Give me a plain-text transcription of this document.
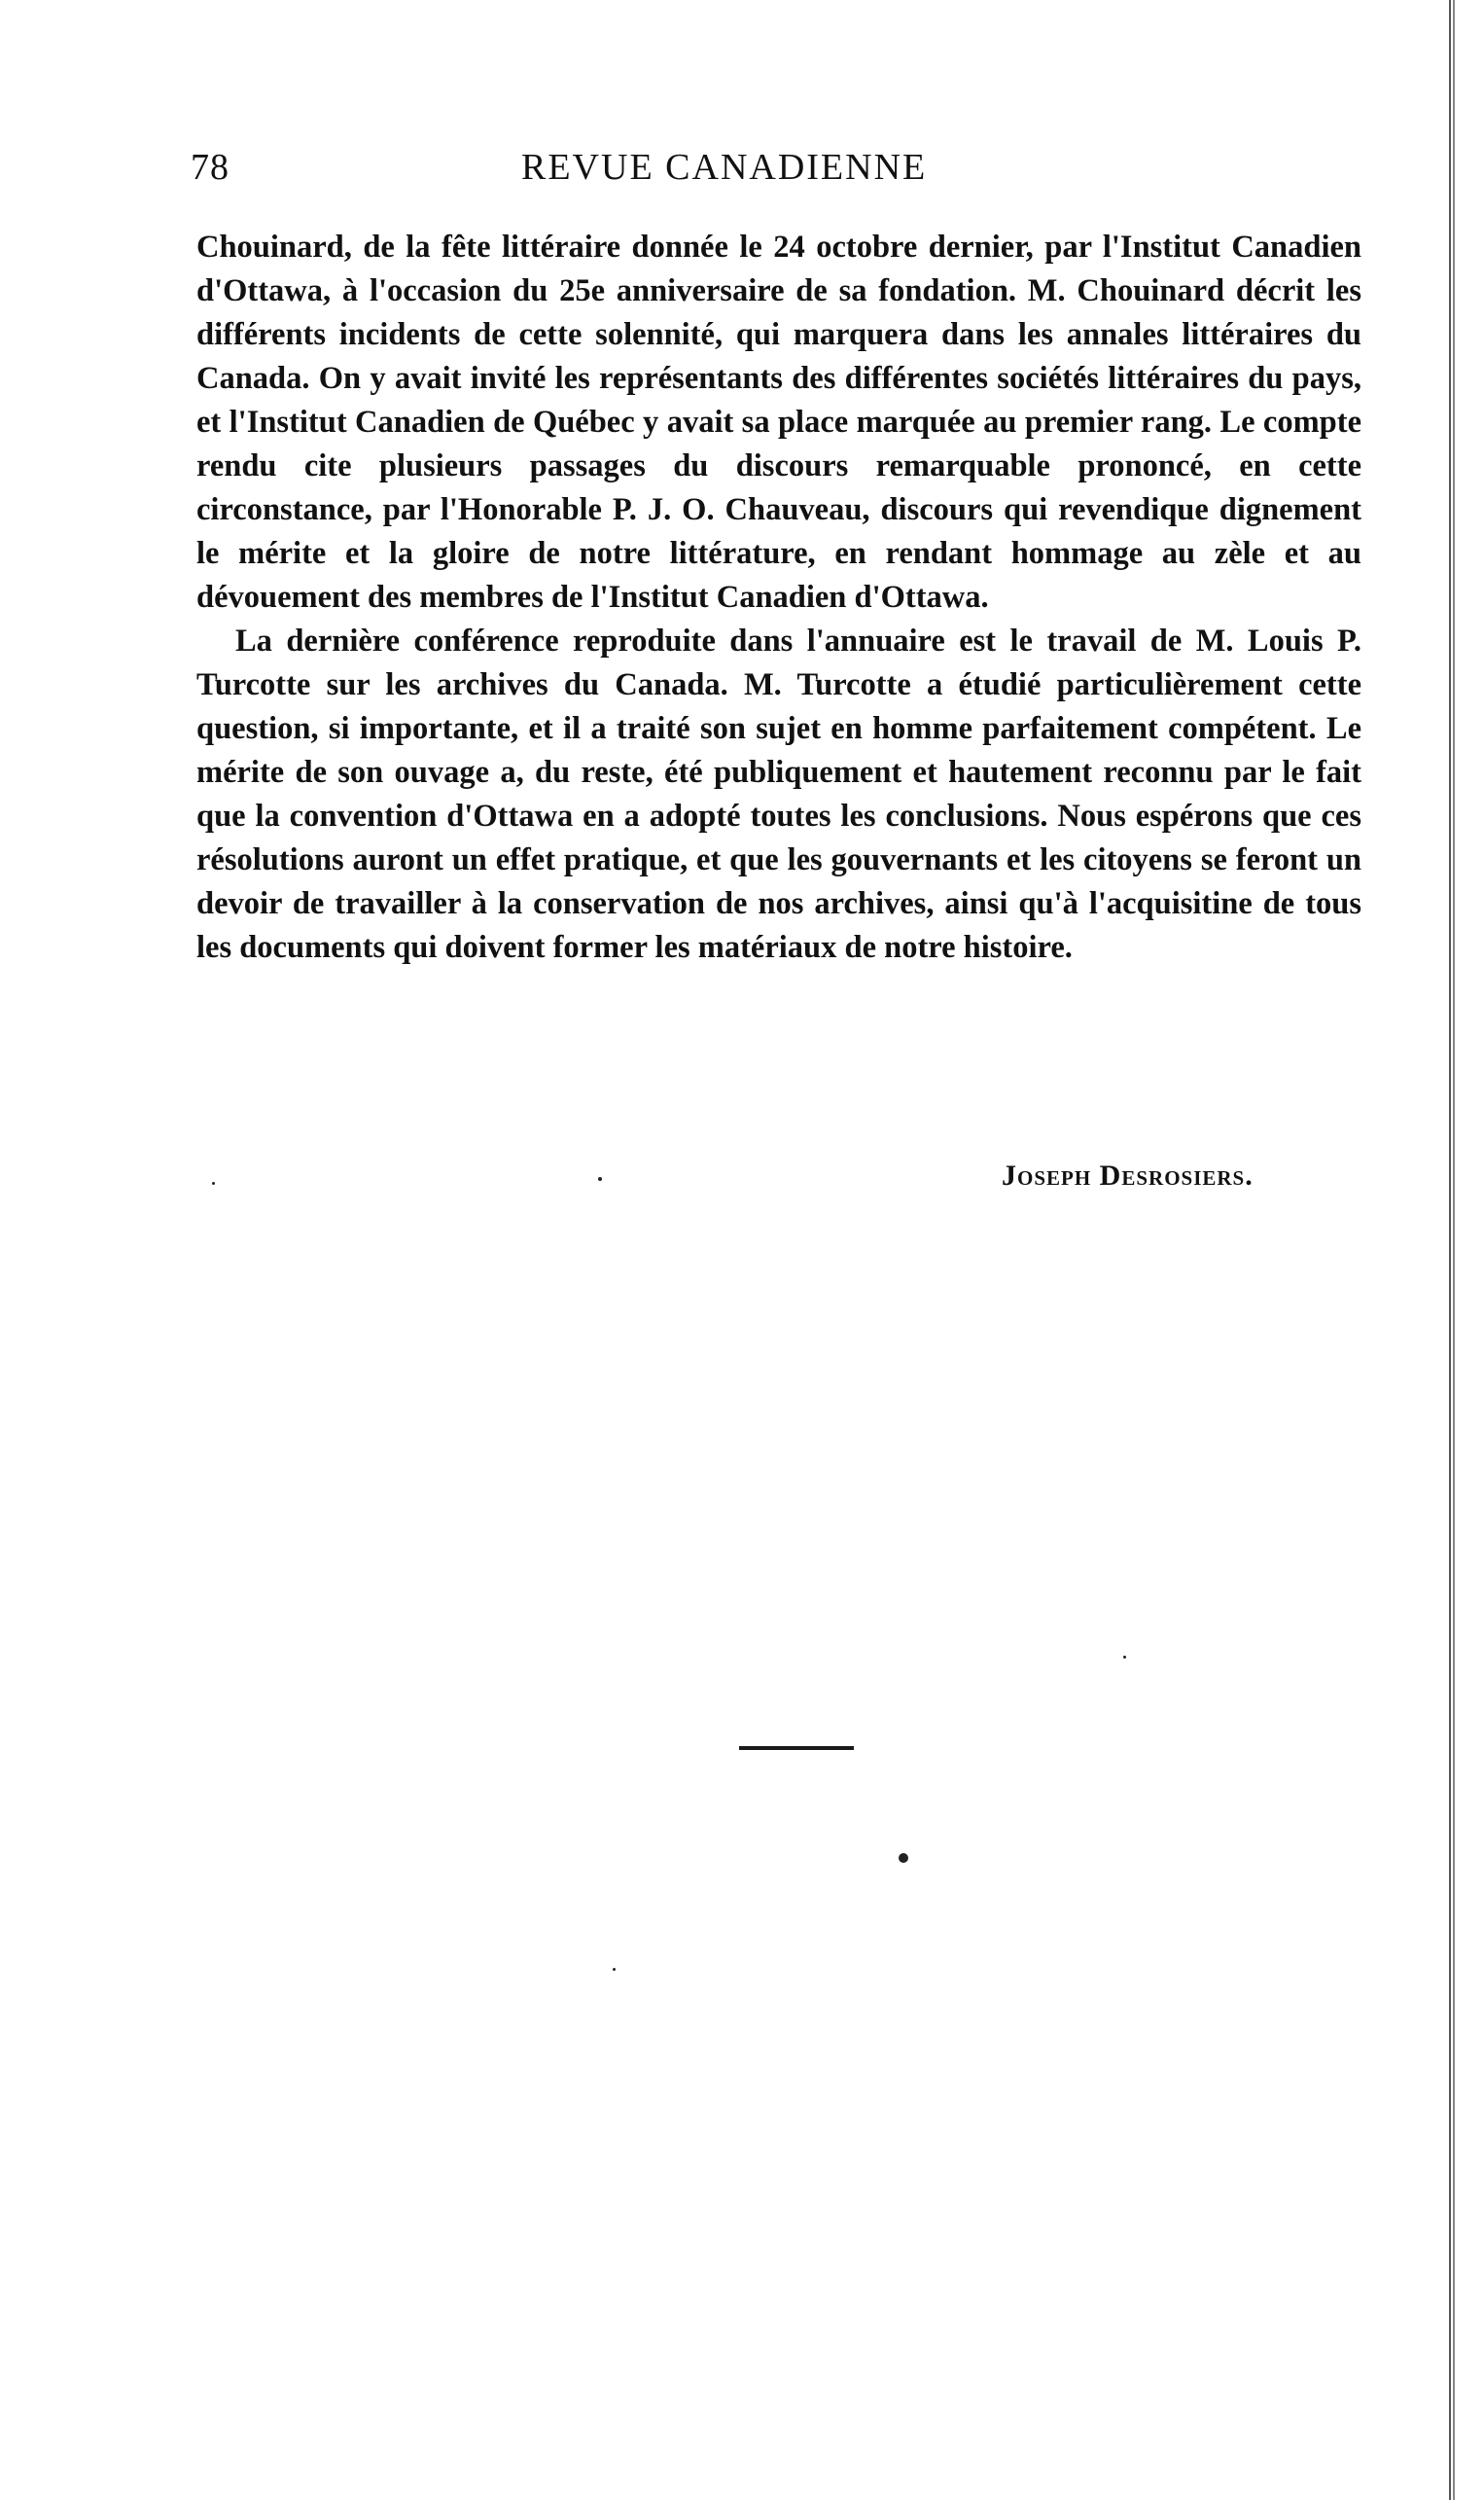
78	REVUE CANADIENNE

Chouinard, de la fête littéraire donnée le 24 octobre dernier, par l'Institut Canadien d'Ottawa, à l'occasion du 25e anniversaire de sa fondation. M. Chouinard décrit les différents incidents de cette solennité, qui marquera dans les annales littéraires du Canada. On y avait invité les représentants des différentes sociétés littéraires du pays, et l'Institut Canadien de Québec y avait sa place marquée au premier rang. Le compte rendu cite plusieurs passages du discours remarquable prononcé, en cette circonstance, par l'Honorable P. J. O. Chauveau, discours qui revendique dignement le mérite et la gloire de notre littérature, en rendant hommage au zèle et au dévouement des membres de l'Institut Canadien d'Ottawa.

La dernière conférence reproduite dans l'annuaire est le travail de M. Louis P. Turcotte sur les archives du Canada. M. Turcotte a étudié particulièrement cette question, si importante, et il a traité son sujet en homme parfaitement compétent. Le mérite de son ouvage a, du reste, été publiquement et hautement reconnu par le fait que la convention d'Ottawa en a adopté toutes les conclusions. Nous espérons que ces résolutions auront un effet pratique, et que les gouvernants et les citoyens se feront un devoir de travailler à la conservation de nos archives, ainsi qu'à l'acquisitine de tous les documents qui doivent former les matériaux de notre histoire.

Joseph Desrosiers.
